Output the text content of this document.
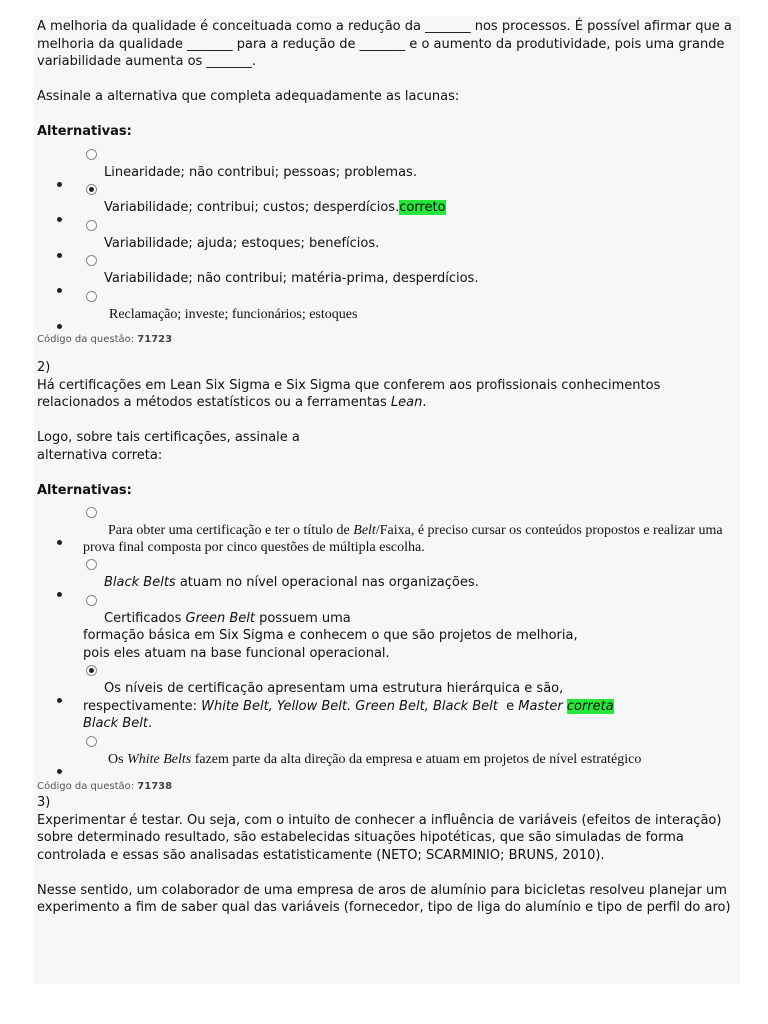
A melhoria da qualidade é conceituada como a redução da _______ nos processos. É possível afirmar que a melhoria da qualidade _______ para a redução de _______ e o aumento da produtividade, pois uma grande variabilidade aumenta os _______.

Assinale a alternativa que completa adequadamente as lacunas:

Alternativas:

Linearidade; não contribui; pessoas; problemas.
Variabilidade; contribui; custos; desperdícios.correto
Variabilidade; ajuda; estoques; benefícios.
Variabilidade; não contribui; matéria-prima, desperdícios.
Reclamação; investe; funcionários; estoques

Código da questão: 71723

2)

Há certificações em Lean Six Sigma e Six Sigma que conferem aos profissionais conhecimentos relacionados a métodos estatísticos ou a ferramentas Lean.

Logo, sobre tais certificações, assinale a

alternativa correta:

Alternativas:

Para obter uma certificação e ter o título de Belt/Faixa, é preciso cursar os conteúdos propostos e realizar uma prova final composta por cinco questões de múltipla escolha.
Black Belts atuam no nível operacional nas organizações.

Certificados Green Belt possuem uma

formação básica em Six Sigma e conhecem o que são projetos de melhoria,

pois eles atuam na base funcional operacional.

Os níveis de certificação apresentam uma estrutura hierárquica e são,

respectivamente: White Belt, Yellow Belt. Green Belt, Black Belt  e Master correta

Black Belt.

Os White Belts fazem parte da alta direção da empresa e atuam em projetos de nível estratégico

Código da questão: 71738

3)

Experimentar é testar. Ou seja, com o intuito de conhecer a influência de variáveis (efeitos de interação) sobre determinado resultado, são estabelecidas situações hipotéticas, que são simuladas de forma controlada e essas são analisadas estatisticamente (NETO; SCARMINIO; BRUNS, 2010).

Nesse sentido, um colaborador de uma empresa de aros de alumínio para bicicletas resolveu planejar um experimento a fim de saber qual das variáveis (fornecedor, tipo de liga do alumínio e tipo de perfil do aro)
